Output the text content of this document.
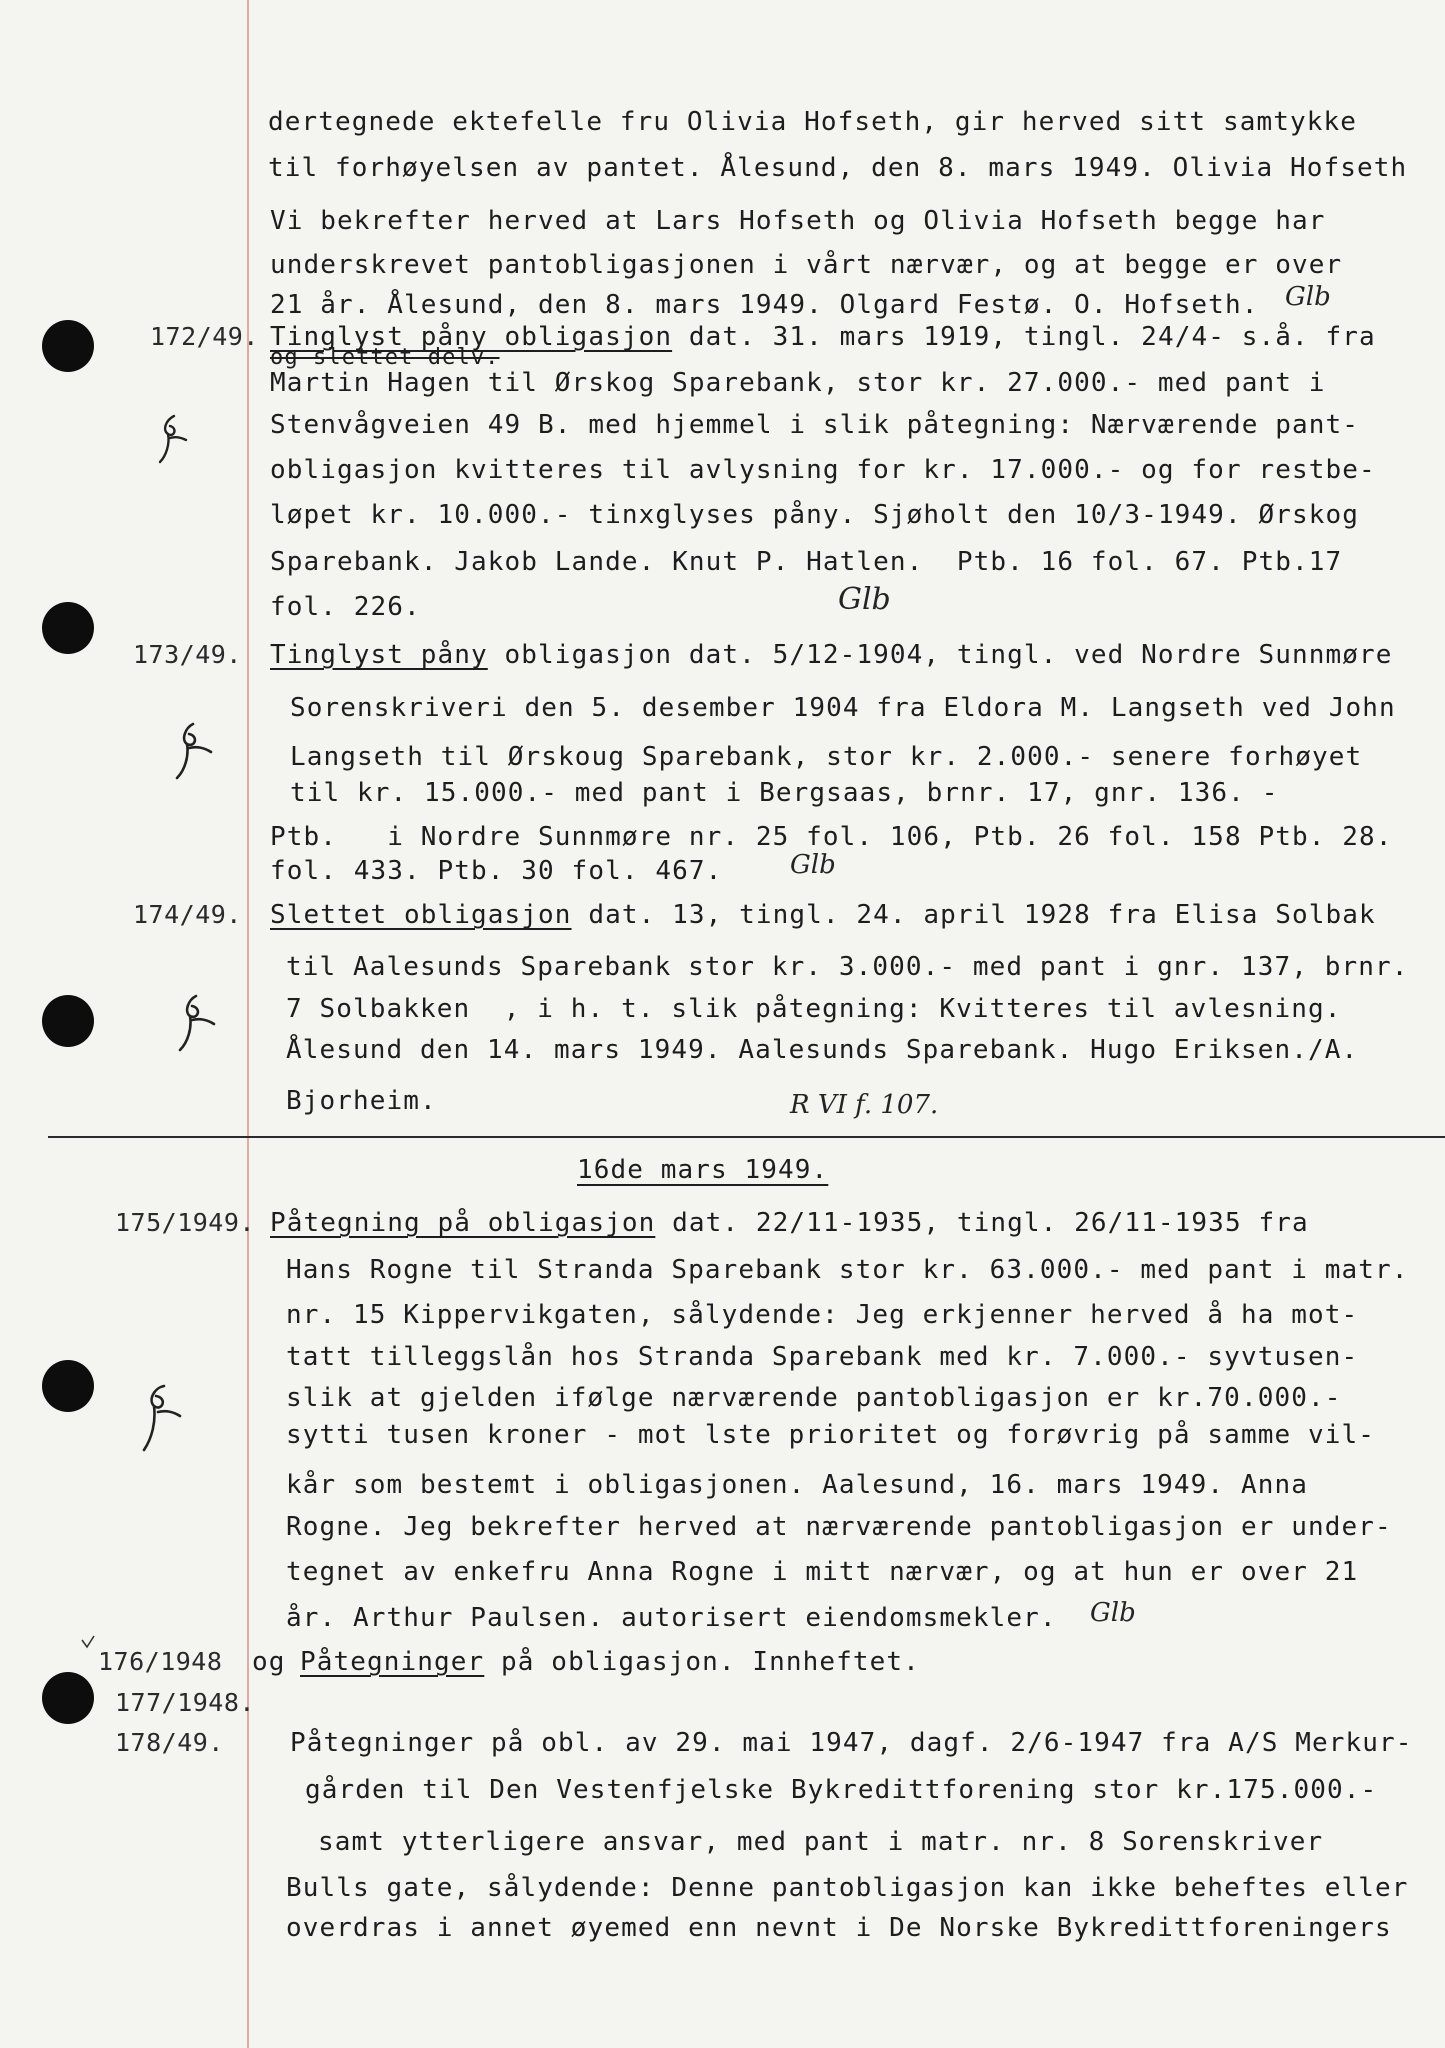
dertegnede ektefelle fru Olivia Hofseth, gir herved sitt samtykke
til forhøyelsen av pantet. Ålesund, den 8. mars 1949. Olivia Hofseth
Vi bekrefter herved at Lars Hofseth og Olivia Hofseth begge har
underskrevet pantobligasjonen i vårt nærvær, og at begge er over
21 år. Ålesund, den 8. mars 1949. Olgard Festø. O. Hofseth. Glb
172/49. Tinglyst påny obligasjon dat. 31. mars 1919, tingl. 24/4- s.å. fra
og slettet delv.
Martin Hagen til Ørskog Sparebank, stor kr. 27.000.- med pant i
Stenvågveien 49 B. med hjemmel i slik påtegning: Nærværende pant-
obligasjon kvitteres til avlysning for kr. 17.000.- og for restbe-
løpet kr. 10.000.- tinxglyses påny. Sjøholt den 10/3-1949. Ørskog
Sparebank. Jakob Lande. Knut P. Hatlen.  Ptb. 16 fol. 67. Ptb.17
fol. 226.	Glb
173/49. Tinglyst påny obligasjon dat. 5/12-1904, tingl. ved Nordre Sunnmøre
Sorenskriveri den 5. desember 1904 fra Eldora M. Langseth ved John
Langseth til Ørskoug Sparebank, stor kr. 2.000.- senere forhøyet
til kr. 15.000.- med pant i Bergsaas, brnr. 17, gnr. 136. -
Ptb.   i Nordre Sunnmøre nr. 25 fol. 106, Ptb. 26 fol. 158 Ptb. 28.
fol. 433. Ptb. 30 fol. 467.	Glb
174/49. Slettet obligasjon dat. 13, tingl. 24. april 1928 fra Elisa Solbak
til Aalesunds Sparebank stor kr. 3.000.- med pant i gnr. 137, brnr.
7 Solbakken  , i h. t. slik påtegning: Kvitteres til avlesning.
Ålesund den 14. mars 1949. Aalesunds Sparebank. Hugo Eriksen./A.
Bjorheim.	R VI f. 107.
16de mars 1949.
175/1949. Påtegning på obligasjon dat. 22/11-1935, tingl. 26/11-1935 fra
Hans Rogne til Stranda Sparebank stor kr. 63.000.- med pant i matr.
nr. 15 Kippervikgaten, sålydende: Jeg erkjenner herved å ha mot-
tatt tilleggslån hos Stranda Sparebank med kr. 7.000.- syvtusen-
slik at gjelden ifølge nærværende pantobligasjon er kr.70.000.-
sytti tusen kroner - mot lste prioritet og forøvrig på samme vil-
kår som bestemt i obligasjonen. Aalesund, 16. mars 1949. Anna
Rogne. Jeg bekrefter herved at nærværende pantobligasjon er under-
tegnet av enkefru Anna Rogne i mitt nærvær, og at hun er over 21
år. Arthur Paulsen. autorisert eiendomsmekler. Glb
176/1948 og Påtegninger på obligasjon. Innheftet.
177/1948.
178/49.	Påtegninger på obl. av 29. mai 1947, dagf. 2/6-1947 fra A/S Merkur-
gården til Den Vestenfjelske Bykredittforening stor kr.175.000.-
samt ytterligere ansvar, med pant i matr. nr. 8 Sorenskriver
Bulls gate, sålydende: Denne pantobligasjon kan ikke beheftes eller
overdras i annet øyemed enn nevnt i De Norske Bykredittforeningers
